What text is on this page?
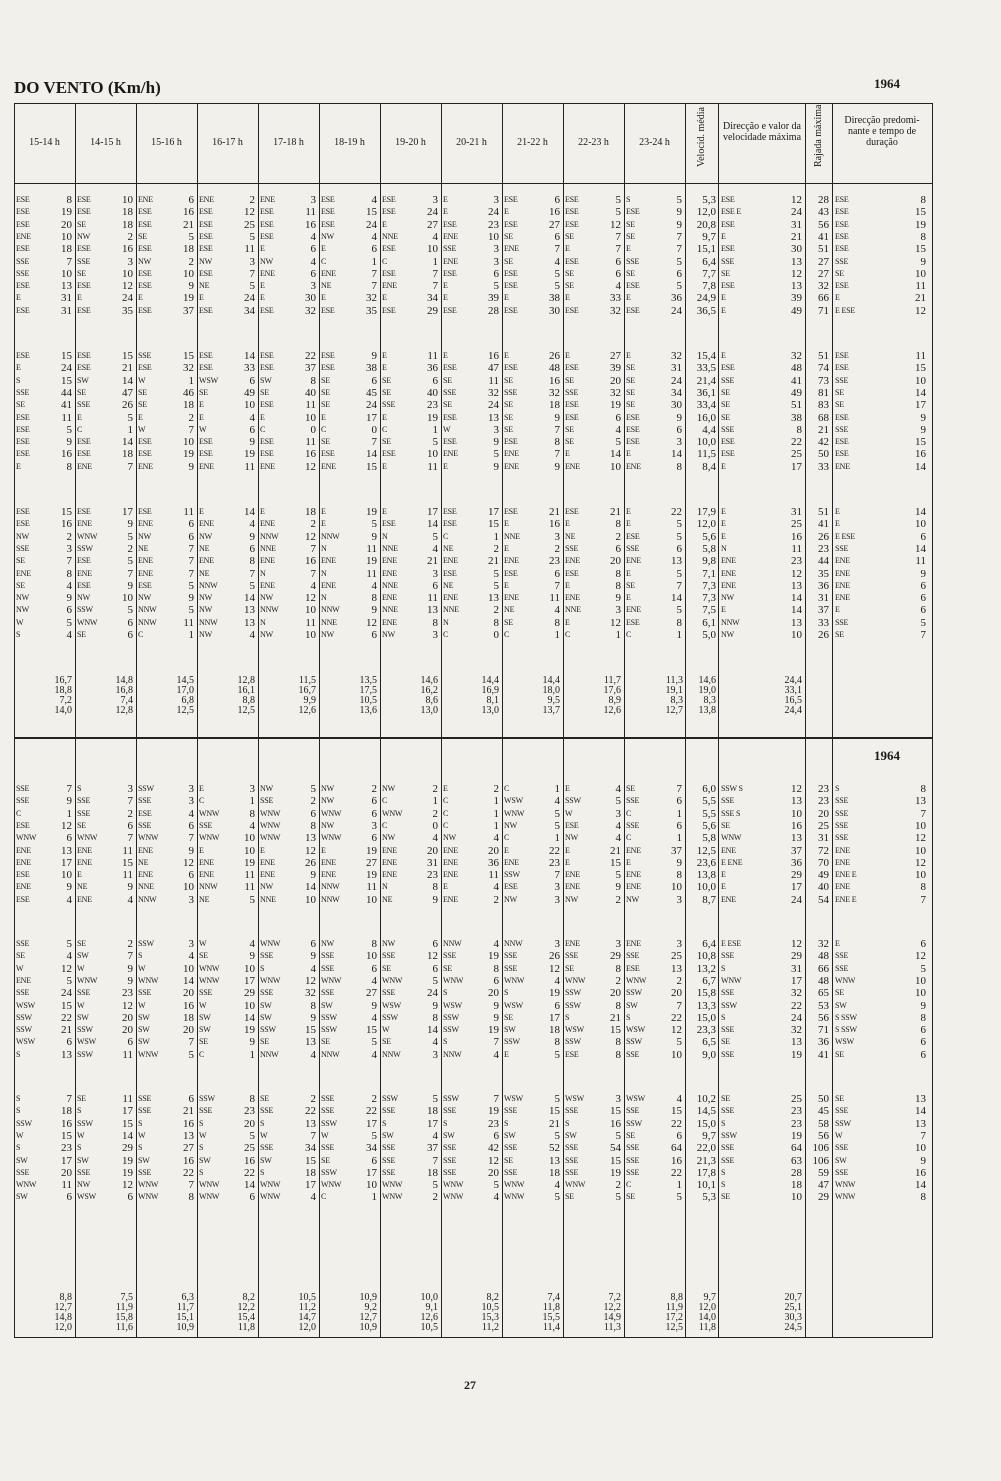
DO VENTO (Km/h)	1964
1964
15-14 h	14-15 h	15-16 h	16-17 h	17-18 h	18-19 h	19-20 h	20-21 h	21-22 h	22-23 h	23-24 h	Velocid. média	Rajada máxima
Direcção e valor da velocidade máxima
Direcção predomi- nante e tempo de duração
ESE	8 ESE	10 ENE	6 ENE	2 ENE	3 ESE	4 ESE	3 E	3 ESE	6 ESE	5 S	5	5,3 ESE	12	28 ESE	8
ESE	19 ESE	18 ESE	16 ESE	12 ESE	11 ESE	15 ESE	24 E	24 E	16 ESE	5 ESE	9	12,0 ESE E	24	43 ESE	15
ESE	20 SE	18 ESE	21 ESE	25 ESE	16 ESE	24 E	27 ESE	23 ESE	27 ESE	12 SE	9	20,8 ESE	31	56 ESE	19
ENE	10 NW	2 SE	5 ESE	5 ESE	4 NW	4 NNE	4 ENE	10 SE	6 SE	7 SE	7	9,7 E	21	41 ESE	8
ESE	18 ESE	16 ESE	18 ESE	11 E	6 E	6 ESE	10 SSE	3 ENE	7 E	7 E	7	15,1 ESE	30	51 ESE	15
SSE	7 SSE	3 NW	2 NW	3 NW	4 C	1 C	1 ENE	3 SE	4 ESE	6 SSE	5	6,4 SSE	13	27 SSE	9
SSE	10 SE	10 ESE	10 ESE	7 ENE	6 ENE	7 ESE	7 ESE	6 ESE	5 SE	6 SE	6	7,7 SE	12	27 SE	10
ESE	13 ESE	12 ESE	9 NE	5 E	3 NE	7 ENE	7 E	5 ESE	5 SE	4 ESE	5	7,8 ESE	13	32 ESE	11
E	31 E	24 E	19 E	24 E	30 E	32 E	34 E	39 E	38 E	33 E	36	24,9 E	39	66 E	21
ESE	31 ESE	35 ESE	37 ESE	34 ESE	32 ESE	35 ESE	29 ESE	28 ESE	30 ESE	32 ESE	24	36,5 E	49	71 E ESE	12
ESE	15 ESE	15 SSE	15 ESE	14 ESE	22 ESE	9 E	11 E	16 E	26 E	27 E	32	15,4 E	32	51 ESE	11
E	24 ESE	21 ESE	32 ESE	33 ESE	37 ESE	38 E	36 ESE	47 ESE	48 ESE	39 SE	31	33,5 ESE	48	74 ESE	15
S	15 SW	14 W	1 WSW	6 SW	8 SE	6 SE	6 SE	11 SE	16 SE	20 SE	24	21,4 SSE	41	73 SSE	10
SSE	44 SE	47 SE	46 SE	49 SE	40 SE	45 SE	40 SSE	32 SSE	32 SSE	32 SE	34	36,1 SE	49	81 SE	14
SE	41 SSE	26 SE	18 E	10 ESE	11 SE	24 SSE	23 SE	24 SE	18 ESE	19 SE	30	33,4 SE	51	83 SE	17
ESE	11 E	5 E	2 E	4 E	10 E	17 E	19 ESE	13 SE	9 ESE	6 ESE	9	16,0 SE	38	68 ESE	9
ESE	5 C	1 W	7 W	6 C	0 C	0 C	1 W	3 SE	7 SE	4 ESE	6	4,4 SSE	8	21 SSE	9
ESE	9 ESE	14 ESE	10 ESE	9 ESE	11 SE	7 SE	5 ESE	9 ESE	8 SE	5 ESE	3	10,0 ESE	22	42 ESE	15
ESE	16 ESE	18 ESE	19 ESE	19 ESE	16 ESE	14 ESE	10 ENE	5 ENE	7 E	14 E	14	11,5 ESE	25	50 ESE	16
E	8 ENE	7 ENE	9 ENE	11 ENE	12 ENE	15 E	11 E	9 ENE	9 ENE	10 ENE	8	8,4 E	17	33 ENE	14
ESE	15 ESE	17 ESE	11 E	14 E	18 E	19 E	17 ESE	17 ESE	21 ESE	21 E	22	17,9 E	31	51 E	14
ESE	16 ENE	9 ENE	6 ENE	4 ENE	2 E	5 ESE	14 ESE	15 E	16 E	8 E	5	12,0 E	25	41 E	10
NW	2 WNW	5 NW	6 NW	9 NNW	12 NNW	9 N	5 C	1 NNE	3 NE	2 ESE	5	5,6 E	16	26 E ESE	6
SSE	3 SSW	2 NE	7 NE	6 NNE	7 N	11 NNE	4 NE	2 E	2 SSE	6 SSE	6	5,8 N	11	23 SSE	14
SE	7 ESE	5 ENE	7 ENE	8 ENE	16 ENE	19 ENE	21 ENE	21 ENE	23 ENE	20 ENE	13	9,8 ENE	23	44 ENE	11
ENE	8 ENE	7 ENE	7 NE	7 N	7 N	11 ENE	3 ESE	5 ESE	6 ESE	8 E	5	7,1 ENE	12	35 ENE	9
SE	4 ESE	9 ESE	5 NNW	5 ENE	4 ENE	4 NNE	6 NE	5 E	7 E	8 SE	7	7,3 ENE	13	36 ENE	6
NW	9 NW	10 NW	9 NW	14 NW	12 N	8 ENE	11 ENE	13 ENE	11 ENE	9 E	14	7,3 NW	14	31 ENE	6
NW	6 SSW	5 NNW	5 NW	13 NNW	10 NNW	9 NNE	13 NNE	2 NE	4 NNE	3 ENE	5	7,5 E	14	37 E	6
W	5 WNW	6 NNW	11 NNW	13 N	11 NNE	12 ENE	8 N	8 SE	8 E	12 ESE	8	6,1 NNW	13	33 SSE	5
S	4 SE	6 C	1 NW	4 NW	10 NW	6 NW	3 C	0 C	1 C	1 C	1	5,0 NW	10	26 SE	7
SSE	7 S	3 SSW	3 E	3 NW	5 NW	2 NW	2 E	2 C	1 E	4 SE	7	6,0 SSW S	12	23 S	8
SSE	9 SSE	7 SSE	3 C	1 SSE	2 NW	6 C	1 C	1 WSW	4 SSW	5 SSE	6	5,5 SSE	13	23 SSE	13
C	1 SSE	2 ESE	4 WNW	8 WNW	6 WNW	6 WNW	2 C	1 WNW	5 W	3 C	1	5,5 SSE S	10	20 SSE	7
ESE	12 SE	6 SSE	6 SSE	4 WNW	8 NW	3 C	0 C	1 NW	5 ESE	4 SSE	6	5,6 SE	16	25 SSE	10
WNW	6 WNW	7 WNW	7 WNW	10 WNW	13 WNW	6 NW	4 NW	4 C	1 NW	4 C	1	5,8 WNW	13	31 SSE	12
ENE	13 ENE	11 ENE	9 E	10 E	12 E	19 ENE	20 ENE	20 E	22 E	21 ENE	37	12,5 ENE	37	72 ENE	10
ENE	17 ENE	15 NE	12 ENE	19 ENE	26 ENE	27 ENE	31 ENE	36 ENE	23 E	15 E	9	23,6 E ENE	36	70 ENE	12
ESE	10 E	11 ENE	6 ENE	11 ENE	9 ENE	19 ENE	23 ENE	11 SSW	7 ENE	5 ENE	8	13,8 E	29	49 ENE E	10
ENE	9 NE	9 NNE	10 NNW	11 NW	14 NNW	11 N	8 E	4 ESE	3 ENE	9 ENE	10	10,0 E	17	40 ENE	8
ESE	4 ENE	4 NNW	3 NE	5 NNE	10 NNW	10 NE	9 ENE	2 NW	3 NW	2 NW	3	8,7 ENE	24	54 ENE E	7
SSE	5 SE	2 SSW	3 W	4 WNW	6 NW	8 NW	6 NNW	4 NNW	3 ENE	3 ENE	3	6,4 E ESE	12	32 E	6
SE	4 SW	7 S	4 SE	9 SSE	9 SSE	10 SSE	12 SSE	19 SSE	26 SSE	29 SSE	25	10,8 SSE	29	48 SSE	12
W	12 W	9 W	10 WNW	10 S	4 SSE	6 SE	6 SE	8 SSE	12 SE	8 ESE	13	13,2 S	31	66 SSE	5
ENE	5 WNW	9 WNW	14 WNW	17 WNW	12 WNW	4 WNW	5 WNW	6 WNW	4 WNW	2 WNW	2	6,7 WNW	17	48 WNW	10
SSE	24 SSE	23 SSE	20 SSE	29 SSE	32 SSE	27 SSE	24 S	20 S	19 SSW	20 SSW	20	15,8 SSE	32	65 SE	10
WSW	15 W	12 W	16 W	10 SW	8 SW	9 WSW	9 WSW	9 WSW	6 SSW	8 SW	7	13,3 SSW	22	53 SW	9
SSW	22 SW	20 SW	18 SW	14 SW	9 SSW	4 SSW	8 SSW	9 SE	17 S	21 S	22	15,0 S	24	56 S SSW	8
SSW	21 SSW	20 SW	20 SW	19 SSW	15 SSW	15 W	14 SSW	19 SW	18 WSW	15 WSW	12	23,3 SSE	32	71 S SSW	6
WSW	6 WSW	6 SW	7 SE	9 SE	13 SE	5 SE	4 S	7 SSW	8 SSW	8 SSW	5	6,5 SE	13	36 WSW	6
S	13 SSW	11 WNW	5 C	1 NNW	4 NNW	4 NNW	3 NNW	4 E	5 ESE	8 SSE	10	9,0 SSE	19	41 SE	6
S	7 SE	11 SSE	6 SSW	8 SE	2 SSE	2 SSW	5 SSW	7 WSW	5 WSW	3 WSW	4	10,2 SE	25	50 SE	13
S	18 S	17 SSE	21 SSE	23 SSE	22 SSE	22 SSE	18 SSE	19 SSE	15 SSE	15 SSE	15	14,5 SSE	23	45 SSE	14
SSW	16 SSW	15 S	16 S	20 S	13 SSW	17 S	17 S	23 S	21 S	16 SSW	22	15,0 S	23	58 SSW	13
W	15 W	14 W	13 W	5 W	7 W	5 SW	4 SW	6 SW	5 SW	5 SE	6	9,7 SSW	19	56 W	7
S	23 S	29 S	27 S	25 SSE	34 SSE	34 SSE	37 SSE	42 SSE	52 SSE	54 SSE	64	22,0 SSE	64 106 SSE	10
SW	17 SW	19 SW	16 SW	16 SW	15 SE	6 SSE	7 SSE	12 SE	13 SSE	15 SSE	16	21,3 SSE	63 106 SW	9
SSE	20 SSE	19 SSE	22 S	22 S	18 SSW	17 SSE	18 SSE	20 SSE	18 SSE	19 SSE	22	17,8 S	28	59 SSE	16
WNW	11 NW	12 WNW	7 WNW	14 WNW	17 WNW	10 WNW	5 WNW	5 WNW	4 WNW	2 C	1	10,1 S	18	47 WNW	14
SW	6 WSW	6 WNW	8 WNW	6 WNW	4 C	1 WNW	2 WNW	4 WNW	5 SE	5 SE	5	5,3 SE	10	29 WNW	8
27
16,7	14,8	14,5	12,8	11,5	13,5	14,6	14,4	14,4	11,7	11,3	14,6	24,4
18,8	16,8	17,0	16,1	16,7	17,5	16,2	16,9	18,0	17,6	19,1	19,0	33,1
7,2	7,4	6,8	8,8	9,9	10,5	8,6	8,1	9,5	8,9	8,3	8,3	16,5
14,0	12,8	12,5	12,5	12,6	13,6	13,0	13,0	13,7	12,6	12,7	13,8	24,4
8,8	7,5	6,3	8,2	10,5	10,9	10,0	8,2	7,4	7,2	8,8	9,7	20,7
12,7	11,9	11,7	12,2	11,2	9,2	9,1	10,5	11,8	12,2	11,9	12,0	25,1
14,8	15,8	15,1	15,4	14,7	12,7	12,6	15,3	15,5	14,9	17,2	14,0	30,3
12,0	11,6	10,9	11,8	12,0	10,9	10,5	11,2	11,4	11,3	12,5	11,8	24,5
